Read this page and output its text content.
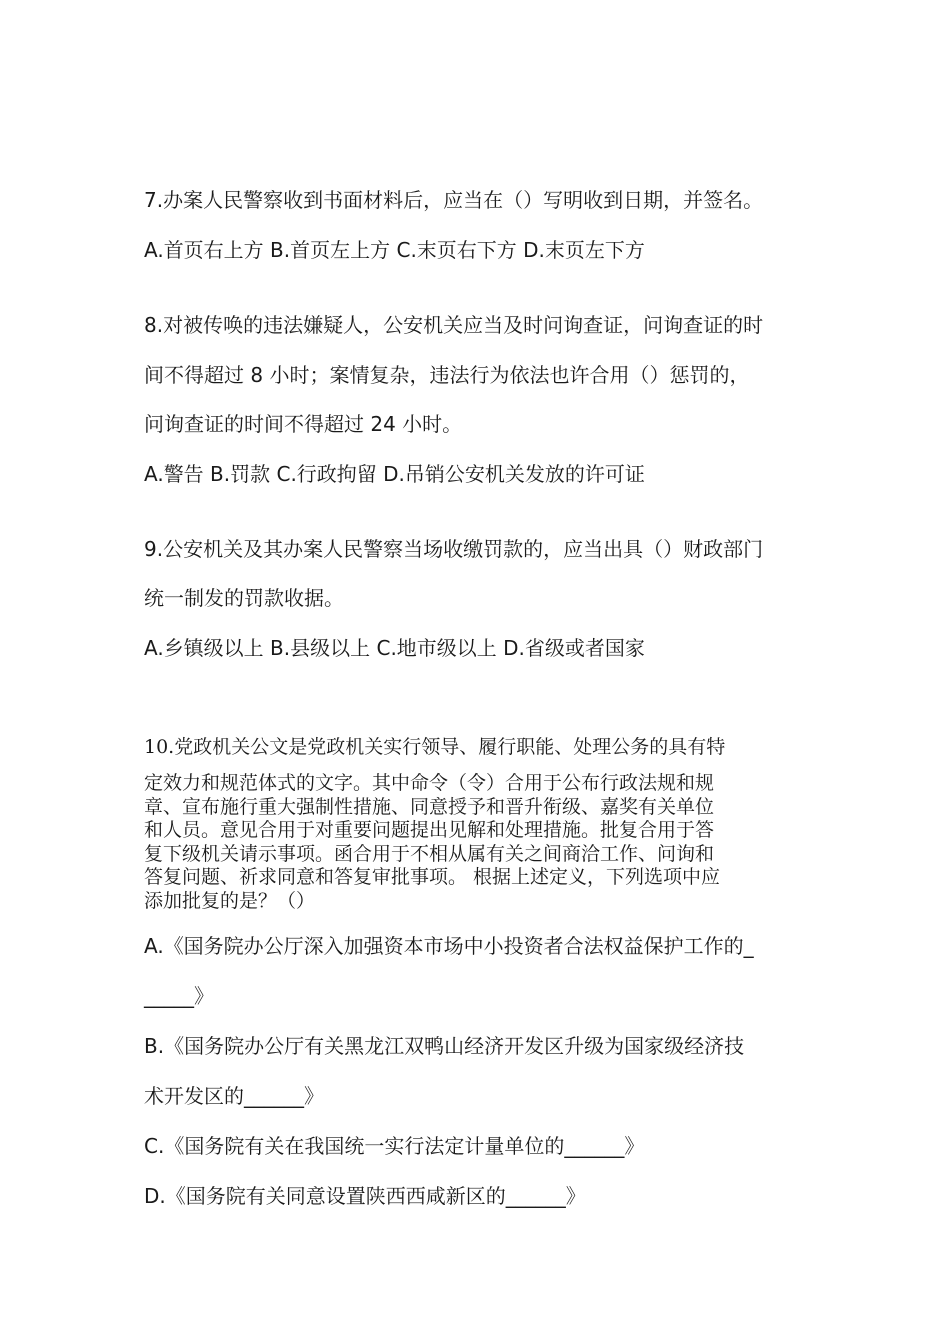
7.办案人民警察收到书面材料后，应当在（）写明收到日期，并签名。
A.首页右上方 B.首页左上方 C.末页右下方 D.末页左下方
8.对被传唤的违法嫌疑人，公安机关应当及时问询查证，问询查证的时
间不得超过 8 小时；案情复杂，违法行为依法也许合用（）惩罚的，
问询查证的时间不得超过 24 小时。
A.警告 B.罚款 C.行政拘留 D.吊销公安机关发放的许可证
9.公安机关及其办案人民警察当场收缴罚款的，应当出具（）财政部门
统一制发的罚款收据。
A.乡镇级以上 B.县级以上 C.地市级以上 D.省级或者国家
10.党政机关公文是党政机关实行领导、履行职能、处理公务的具有特
定效力和规范体式的文字。其中命令（令）合用于公布行政法规和规
章、宣布施行重大强制性措施、同意授予和晋升衔级、嘉奖有关单位
和人员。意见合用于对重要问题提出见解和处理措施。批复合用于答
复下级机关请示事项。函合用于不相从属有关之间商洽工作、问询和
答复问题、祈求同意和答复审批事项。 根据上述定义，下列选项中应
添加批复的是？（）
A.《国务院办公厅深入加强资本市场中小投资者合法权益保护工作的_
_____》
B.《国务院办公厅有关黑龙江双鸭山经济开发区升级为国家级经济技
术开发区的______》
C.《国务院有关在我国统一实行法定计量单位的______》
D.《国务院有关同意设置陕西西咸新区的______》
